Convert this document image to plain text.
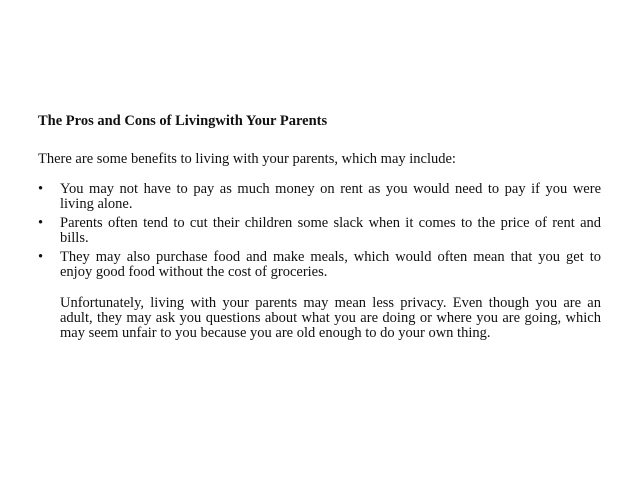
The Pros and Cons of Livingwith Your Parents
There are some benefits to living with your parents, which may include:
• You may not have to pay as much money on rent as you would need to pay if you were living alone.
• Parents often tend to cut their children some slack when it comes to the price of rent and bills.
• They may also purchase food and make meals, which would often mean that you get to enjoy good food without the cost of groceries.
Unfortunately, living with your parents may mean less privacy. Even though you are an adult, they may ask you questions about what you are doing or where you are going, which may seem unfair to you because you are old enough to do your own thing.
